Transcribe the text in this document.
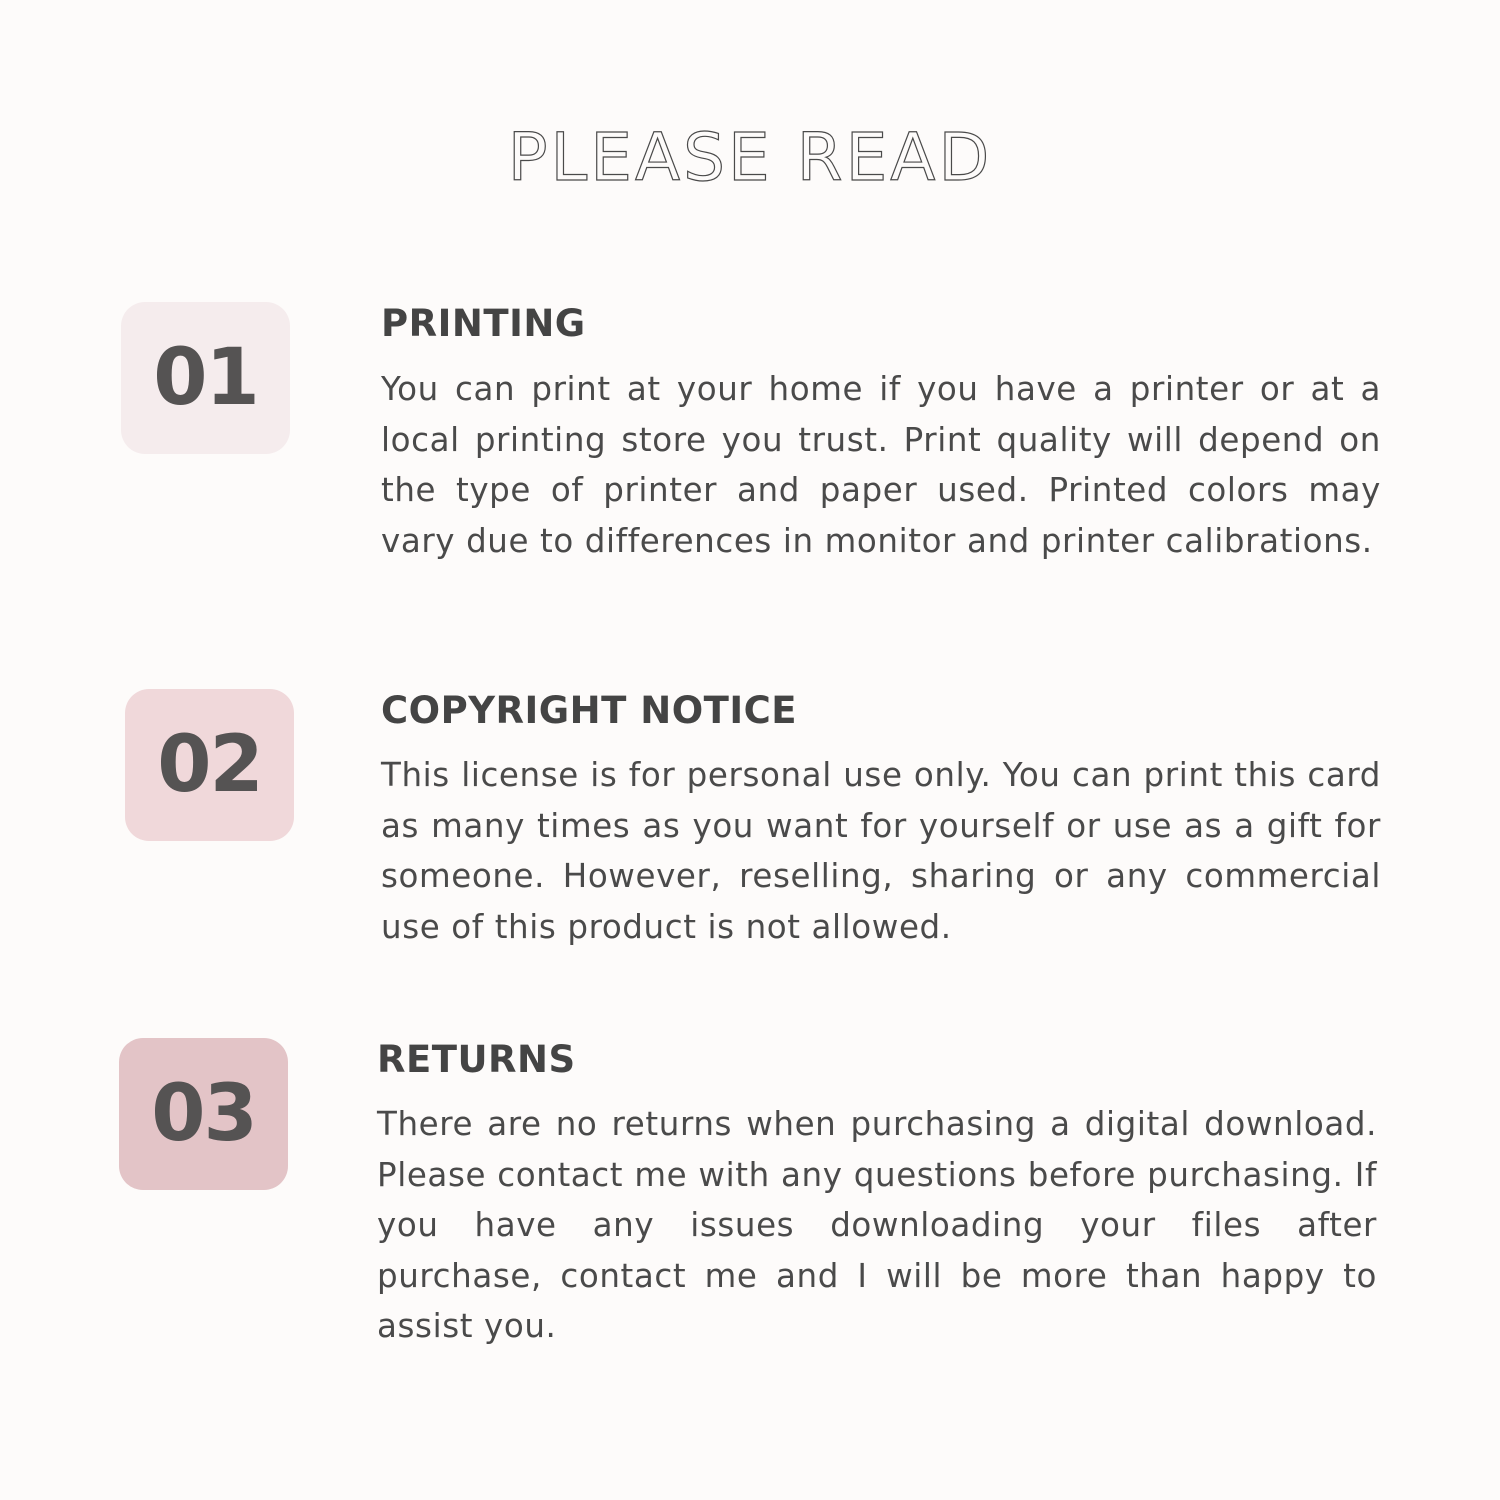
PLEASE READ
01
PRINTING
You can print at your home if you have a printer or at a local printing store you trust. Print quality will depend on the type of printer and paper used. Printed colors may vary due to differences in monitor and printer calibrations.
02
COPYRIGHT NOTICE
This license is for personal use only. You can print this card as many times as you want for yourself or use as a gift for someone. However, reselling, sharing or any commercial use of this product is not allowed.
03
RETURNS
There are no returns when purchasing a digital download. Please contact me with any questions before purchasing. If you have any issues downloading your files after purchase, contact me and I will be more than happy to assist you.
